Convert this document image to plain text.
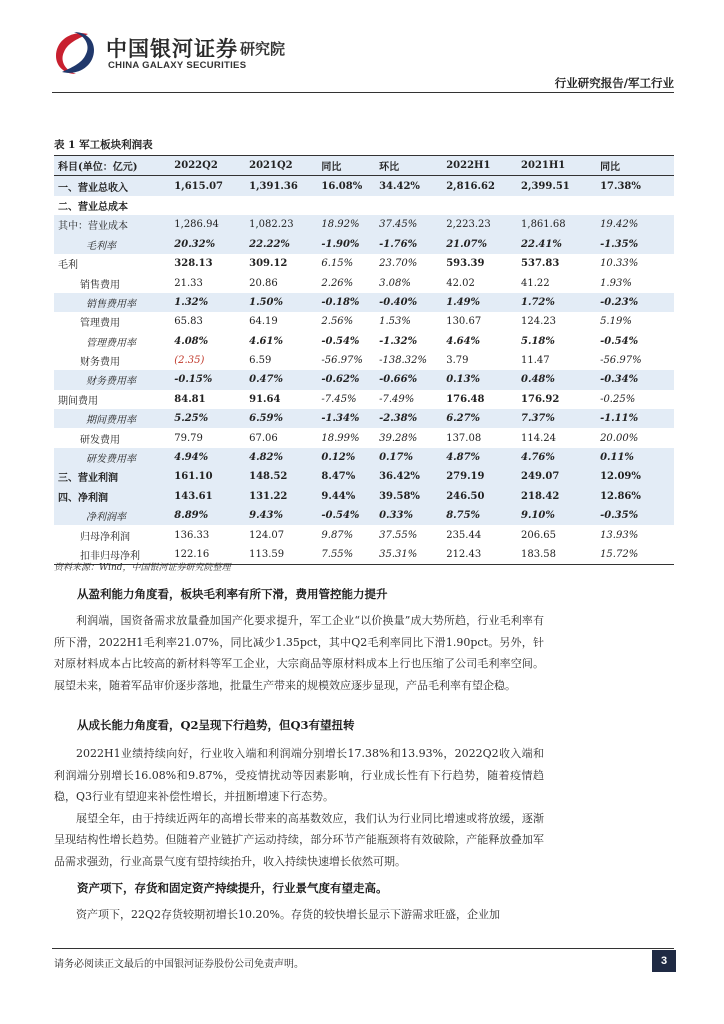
中国银河证券
CHINA GALAXY SECURITIES
研究院
行业研究报告/军工行业
表 1 军工板块利润表
科目(单位：亿元)	2022Q2	2021Q2	同比	环比	2022H1	2021H1	同比
一、营业总收入	1,615.07	1,391.36	16.08%	34.42%	2,816.62	2,399.51	17.38%
二、营业总成本							
其中：营业成本	1,286.94	1,082.23	18.92%	37.45%	2,223.23	1,861.68	19.42%
毛利率	20.32%	22.22%	-1.90%	-1.76%	21.07%	22.41%	-1.35%
毛利	328.13	309.12	6.15%	23.70%	593.39	537.83	10.33%
销售费用	21.33	20.86	2.26%	3.08%	42.02	41.22	1.93%
销售费用率	1.32%	1.50%	-0.18%	-0.40%	1.49%	1.72%	-0.23%
管理费用	65.83	64.19	2.56%	1.53%	130.67	124.23	5.19%
管理费用率	4.08%	4.61%	-0.54%	-1.32%	4.64%	5.18%	-0.54%
财务费用	(2.35)	6.59	-56.97%	-138.32%	3.79	11.47	-56.97%
财务费用率	-0.15%	0.47%	-0.62%	-0.66%	0.13%	0.48%	-0.34%
期间费用	84.81	91.64	-7.45%	-7.49%	176.48	176.92	-0.25%
期间费用率	5.25%	6.59%	-1.34%	-2.38%	6.27%	7.37%	-1.11%
研发费用	79.79	67.06	18.99%	39.28%	137.08	114.24	20.00%
研发费用率	4.94%	4.82%	0.12%	0.17%	4.87%	4.76%	0.11%
三、营业利润	161.10	148.52	8.47%	36.42%	279.19	249.07	12.09%
四、净利润	143.61	131.22	9.44%	39.58%	246.50	218.42	12.86%
净利润率	8.89%	9.43%	-0.54%	0.33%	8.75%	9.10%	-0.35%
归母净利润	136.33	124.07	9.87%	37.55%	235.44	206.65	13.93%
扣非归母净利	122.16	113.59	7.55%	35.31%	212.43	183.58	15.72%
资料来源：Wind，中国银河证券研究院整理
从盈利能力角度看，板块毛利率有所下滑，费用管控能力提升

利润端，国资备需求放量叠加国产化要求提升，军工企业“以价换量”成大势所趋，行业毛利率有所下滑，2022H1毛利率21.07%，同比减少1.35pct，其中Q2毛利率同比下滑1.90pct。另外，针对原材料成本占比较高的新材料等军工企业，大宗商品等原材料成本上行也压缩了公司毛利率空间。展望未来，随着军品审价逐步落地，批量生产带来的规模效应逐步显现，产品毛利率有望企稳。

从成长能力角度看，Q2呈现下行趋势，但Q3有望扭转

2022H1业绩持续向好，行业收入端和利润端分别增长17.38%和13.93%，2022Q2收入端和利润端分别增长16.08%和9.87%，受疫情扰动等因素影响，行业成长性有下行趋势，随着疫情趋稳，Q3行业有望迎来补偿性增长，并扭断增速下行态势。

展望全年，由于持续近两年的高增长带来的高基数效应，我们认为行业同比增速或将放缓，逐渐呈现结构性增长趋势。但随着产业链扩产运动持续，部分环节产能瓶颈将有效破除，产能释放叠加军品需求强劲，行业高景气度有望持续抬升，收入持续快速增长依然可期。

资产项下，存货和固定资产持续提升，行业景气度有望走高。

资产项下，22Q2存货较期初增长10.20%。存货的较快增长显示下游需求旺盛，企业加

请务必阅读正文最后的中国银河证券股份公司免责声明。	3
